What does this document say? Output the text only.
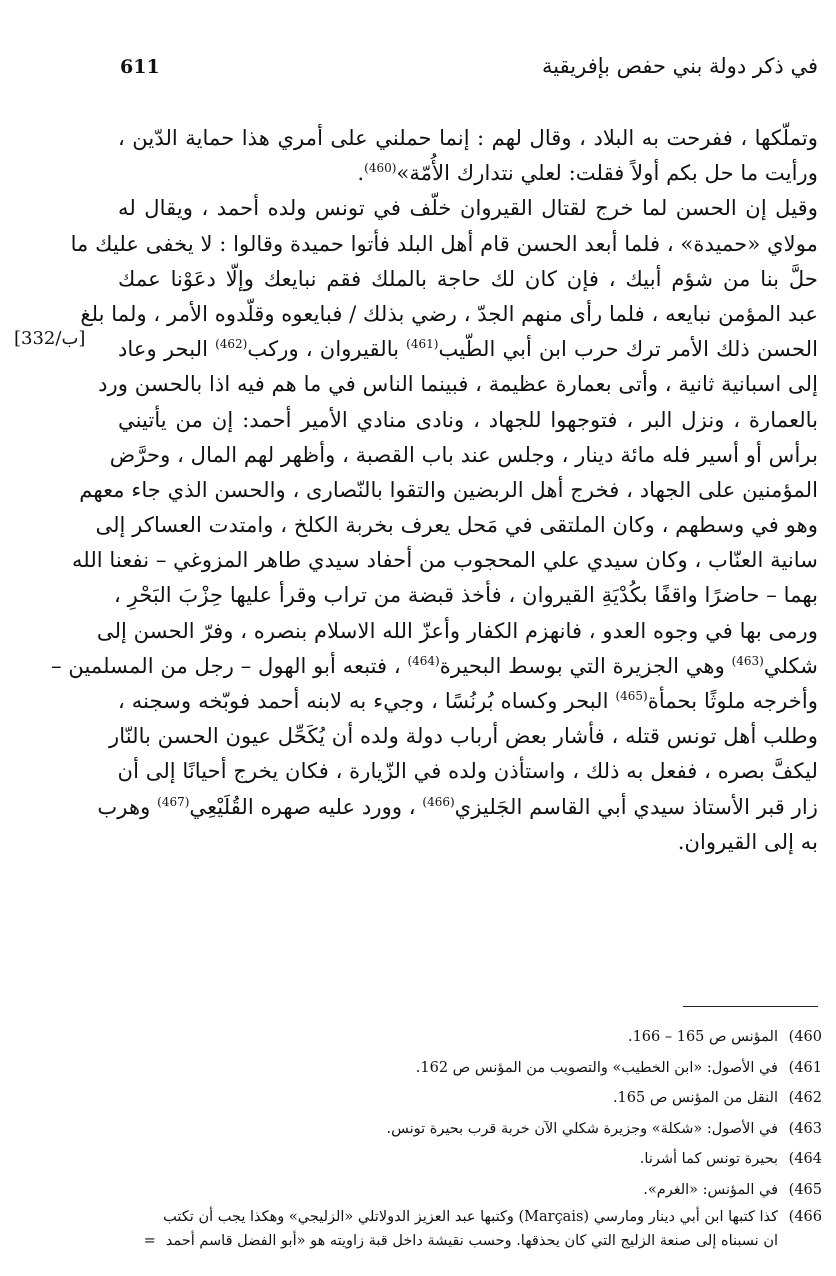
في ذكر دولة بني حفص بإفريقية
611
[332/ب]
وتملّكها ، ففرحت به البلاد ، وقال لهم : إنما حملني على أمري هذا حماية الدّين ،
ورأيت ما حل بكم أولاً فقلت: لعلي نتدارك الأُمّة»$^{(460)}$.
وقيل إن الحسن لما خرج لقتال القيروان خلّف في تونس ولده أحمد ، ويقال له
مولاي «حميدة» ، فلما أبعد الحسن قام أهل البلد فأتوا حميدة وقالوا : لا يخفى عليك ما
حلَّ بنا من شؤم أبيك ، فإن كان لك حاجة بالملك فقم نبايعك وإلّا دعَوْنا عمك
عبد المؤمن نبايعه ، فلما رأى منهم الجدّ ، رضي بذلك / فبايعوه وقلّدوه الأمر ، ولما بلغ
الحسن ذلك الأمر ترك حرب ابن أبي الطّيب$^{(461)}$ بالقيروان ، وركب$^{(462)}$ البحر وعاد
إلى اسبانية ثانية ، وأتى بعمارة عظيمة ، فبينما الناس في ما هم فيه اذا بالحسن ورد
بالعمارة ، ونزل البر ، فتوجهوا للجهاد ، ونادى منادي الأمير أحمد: إن من يأتيني
برأس أو أسير فله مائة دينار ، وجلس عند باب القصبة ، وأظهر لهم المال ، وحرَّض
المؤمنين على الجهاد ، فخرج أهل الربضين والتقوا بالنّصارى ، والحسن الذي جاء معهم
وهو في وسطهم ، وكان الملتقى في مَحل يعرف بخربة الكلخ ، وامتدت العساكر إلى
سانية العنّاب ، وكان سيدي علي المحجوب من أحفاد سيدي طاهر المزوغي – نفعنا الله
بهما – حاضرًا واقفًا بكُدْيَةِ القيروان ، فأخذ قبضة من تراب وقرأ عليها حِزْبَ البَحْرِ ،
ورمى بها في وجوه العدو ، فانهزم الكفار وأعزّ الله الاسلام بنصره ، وفرّ الحسن إلى
شكلي$^{(463)}$ وهي الجزيرة التي بوسط البحيرة$^{(464)}$ ، فتبعه أبو الهول – رجل من المسلمين –
وأخرجه ملوثًا بحمأة$^{(465)}$ البحر وكساه بُرنُسًا ، وجيء به لابنه أحمد فوبّخه وسجنه ،
وطلب أهل تونس قتله ، فأشار بعض أرباب دولة ولده أن يُكَحِّل عيون الحسن بالنّار
ليكفَّ بصره ، ففعل به ذلك ، واستأذن ولده في الزّيارة ، فكان يخرج أحيانًا إلى أن
زار قبر الأستاذ سيدي أبي القاسم الجَليزي$^{(466)}$ ، وورد عليه صهره القُلَيْعِي$^{(467)}$ وهرب
به إلى القيروان.
460)
المؤنس ص 165 – 166.
461)
في الأصول: «ابن الخطيب» والتصويب من المؤنس ص 162.
462)
النقل من المؤنس ص 165.
463)
في الأصول: «شكلة» وجزيرة شكلي الآن خربة قرب بحيرة تونس.
464)
بحيرة تونس كما أشرنا.
465)
في المؤنس: «الغرم».
466)
كذا كتبها ابن أبي دينار ومارسي (Marçais) وكتبها عبد العزيز الدولاتلي «الزليجي» وهكذا يجب أن تكتب
ان نسبناه إلى صنعة الزليج التي كان يحذقها. وحسب نقيشة داخل قبة زاويته هو «أبو الفضل قاسم أحمد
=
